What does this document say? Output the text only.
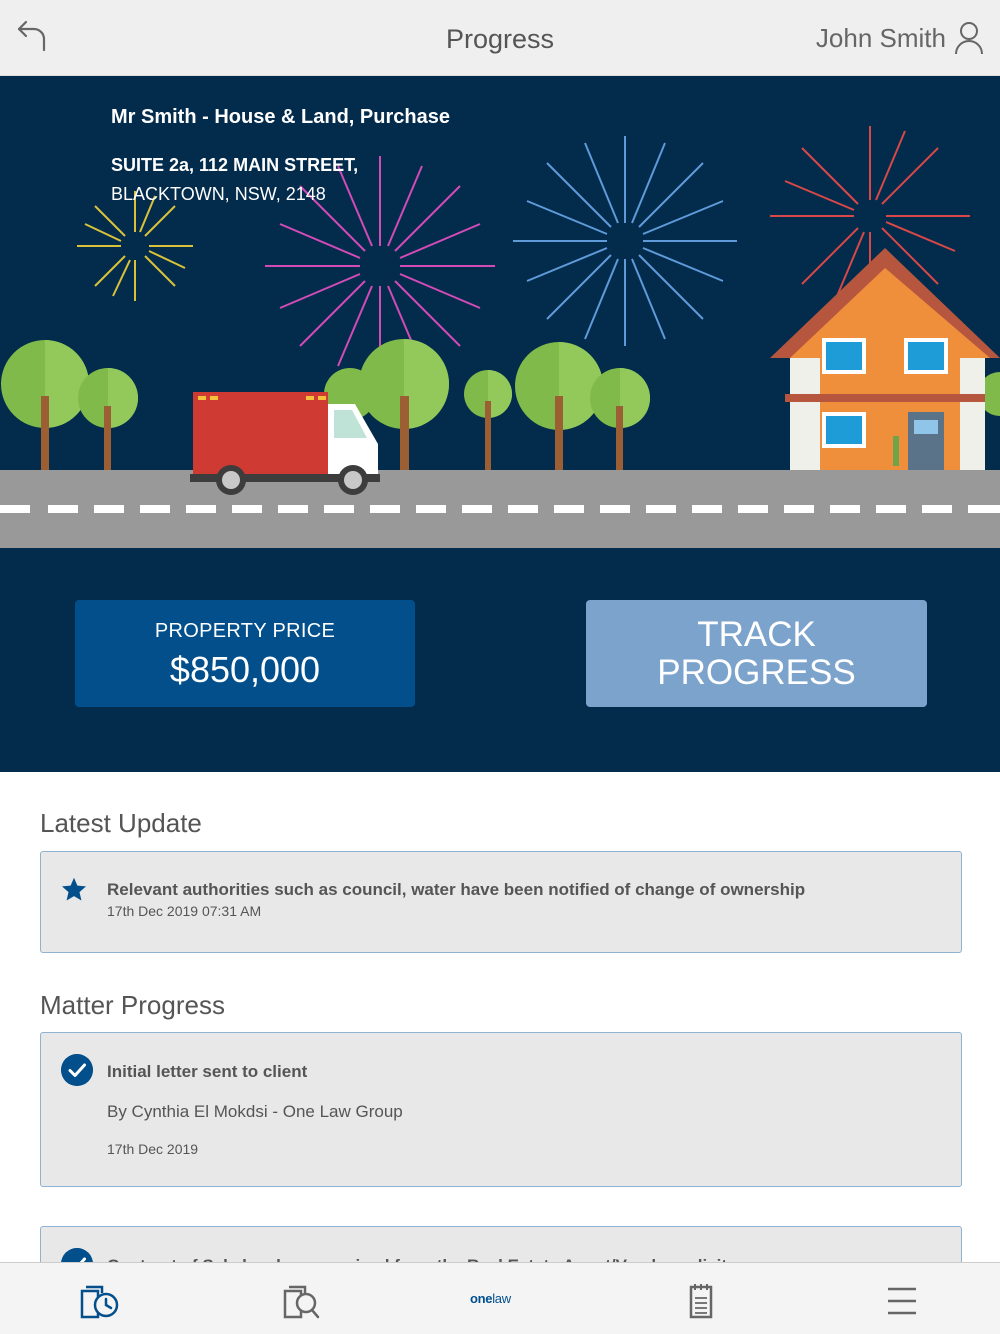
Progress	John Smith
Mr Smith - House & Land, Purchase
SUITE 2a, 112 MAIN STREET,
BLACKTOWN, NSW, 2148
PROPERTY PRICE
$850,000
TRACK
PROGRESS
Latest Update
Relevant authorities such as council, water have been notified of change of ownership
17th Dec 2019 07:31 AM
Matter Progress
Initial letter sent to client
By Cynthia El Mokdsi - One Law Group
17th Dec 2019
onelaw
